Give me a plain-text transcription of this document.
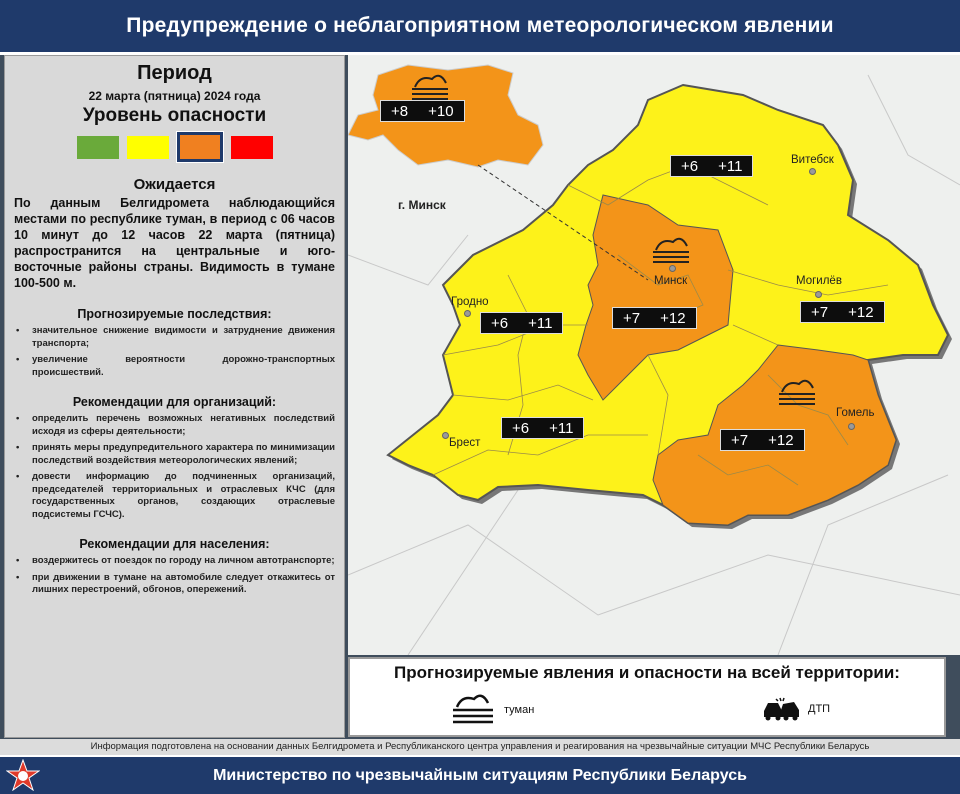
Предупреждение о неблагоприятном метеорологическом явлении
Период
22 марта (пятница) 2024 года
Уровень опасности
Ожидается
По данным Белгидромета наблюдающийся местами по республике туман, в период с 06 часов 10 минут до 12 часов 22 марта (пятница) распространится на центральные и юго-восточные районы страны. Видимость в тумане 100-500 м.
Прогнозируемые последствия:
• значительное снижение видимости и затруднение движения транспорта;
• увеличение вероятности дорожно-транспортных происшествий.
Рекомендации для организаций:
• определить перечень возможных негативных последствий исходя из сферы деятельности;
• принять меры предупредительного характера по минимизации последствий воздействия метеорологических явлений;
• довести информацию до подчиненных организаций, председателей территориальных и отраслевых КЧС (для государственных органов, создающих отраслевые подсистемы ГСЧС).
Рекомендации для населения:
• воздержитесь от поездок по городу на личном автотранспорте;
• при движении в тумане на автомобиле следует откажитесь от лишних перестроений, обгонов, опережений.
г. Минск
+8 +10
+6 +11
+7 +12	+7 +12
+6 +11
+6 +11
+7 +12
Витебск
Минск	Могилёв
Гродно
Брест
Гомель
Прогнозируемые явления и опасности на всей территории:
туман	ДТП
Информация подготовлена на основании данных Белгидромета и Республиканского центра управления и реагирования на чрезвычайные ситуации МЧС Республики Беларусь
Министерство по чрезвычайным ситуациям Республики Беларусь
